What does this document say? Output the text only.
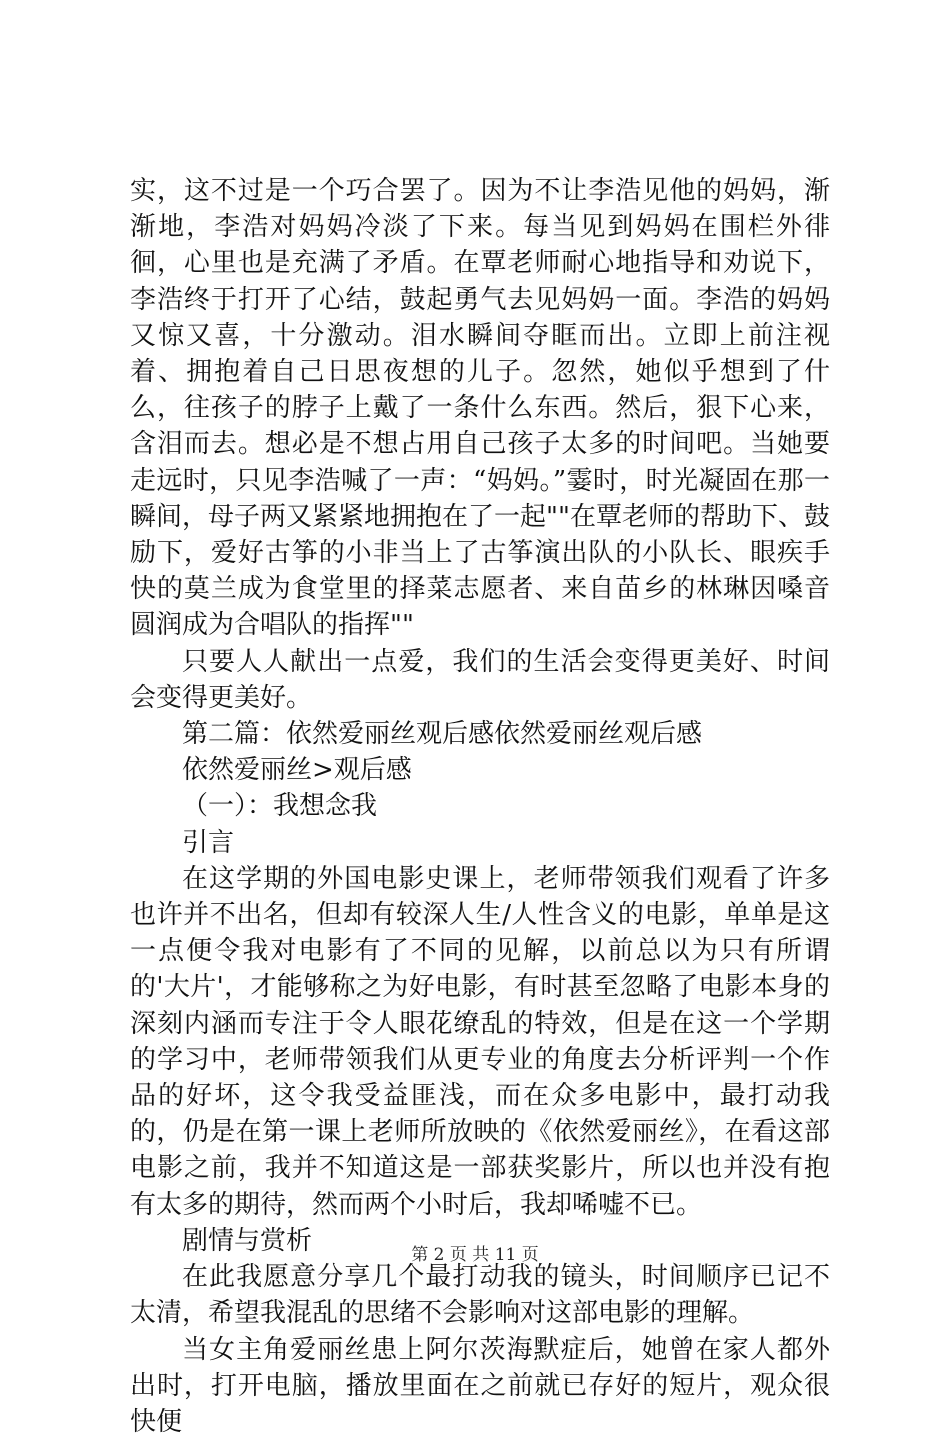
实，这不过是一个巧合罢了。因为不让李浩见他的妈妈，渐渐地，李浩对妈妈冷淡了下来。每当见到妈妈在围栏外徘徊，心里也是充满了矛盾。在覃老师耐心地指导和劝说下，李浩终于打开了心结，鼓起勇气去见妈妈一面。李浩的妈妈又惊又喜，十分激动。泪水瞬间夺眶而出。立即上前注视着、拥抱着自己日思夜想的儿子。忽然，她似乎想到了什么，往孩子的脖子上戴了一条什么东西。然后，狠下心来，含泪而去。想必是不想占用自己孩子太多的时间吧。当她要走远时，只见李浩喊了一声：“妈妈。”霎时，时光凝固在那一瞬间，母子两又紧紧地拥抱在了一起""在覃老师的帮助下、鼓励下，爱好古筝的小非当上了古筝演出队的小队长、眼疾手快的莫兰成为食堂里的择菜志愿者、来自苗乡的林琳因嗓音圆润成为合唱队的指挥""

只要人人献出一点爱，我们的生活会变得更美好、时间会变得更美好。

第二篇：依然爱丽丝观后感依然爱丽丝观后感

依然爱丽丝>观后感

（一）：我想念我

引言

在这学期的外国电影史课上，老师带领我们观看了许多也许并不出名，但却有较深人生/人性含义的电影，单单是这一点便令我对电影有了不同的见解，以前总以为只有所谓的'大片'，才能够称之为好电影，有时甚至忽略了电影本身的深刻内涵而专注于令人眼花缭乱的特效，但是在这一个学期的学习中，老师带领我们从更专业的角度去分析评判一个作品的好坏，这令我受益匪浅，而在众多电影中，最打动我的，仍是在第一课上老师所放映的《依然爱丽丝》，在看这部电影之前，我并不知道这是一部获奖影片，所以也并没有抱有太多的期待，然而两个小时后，我却唏嘘不已。

剧情与赏析

在此我愿意分享几个最打动我的镜头，时间顺序已记不太清，希望我混乱的思绪不会影响对这部电影的理解。

当女主角爱丽丝患上阿尔茨海默症后，她曾在家人都外出时，打开电脑，播放里面在之前就已存好的短片，观众很快便

第 2 页 共 11 页
